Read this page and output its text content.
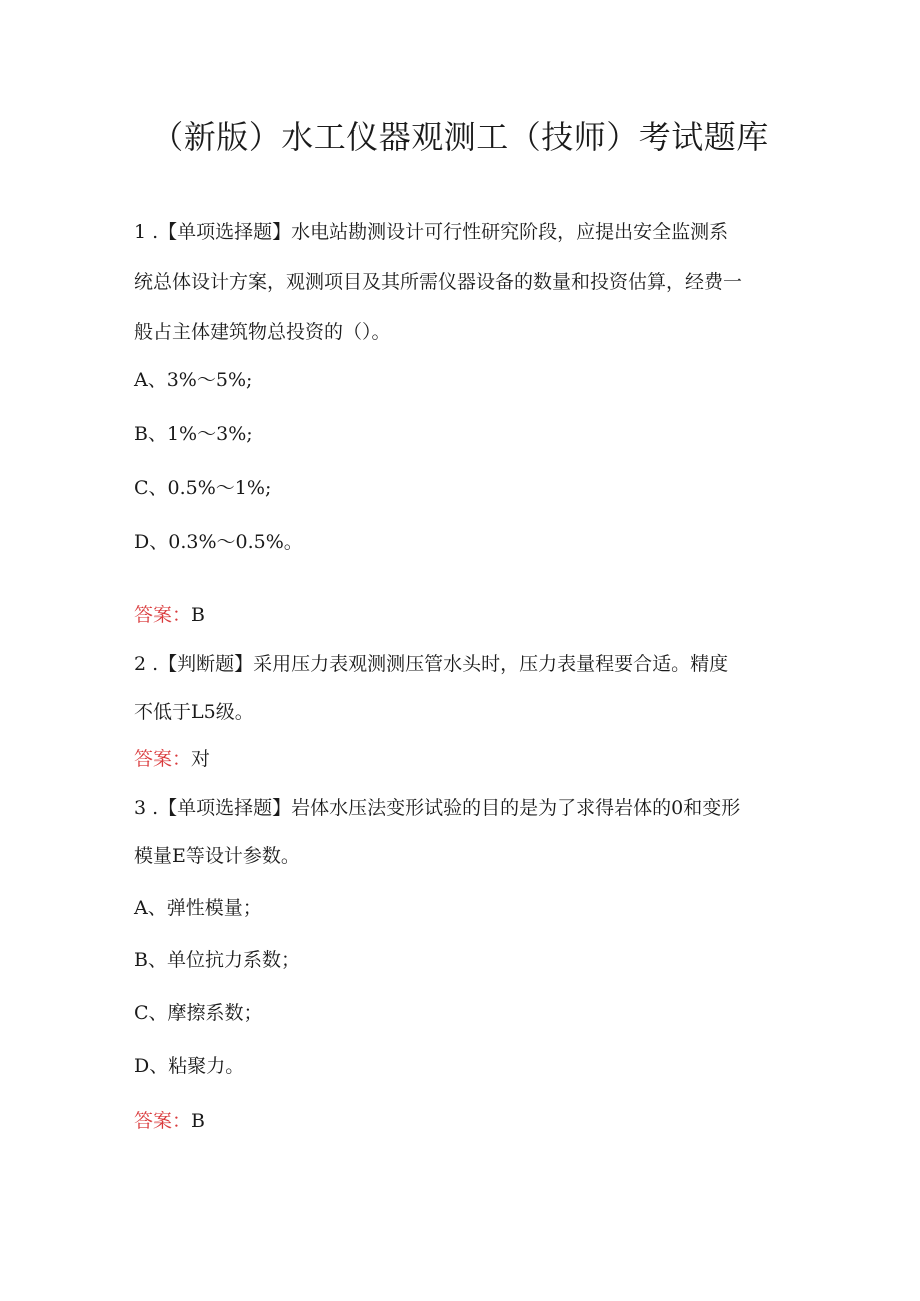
（新版）水工仪器观测工（技师）考试题库
1 .【单项选择题】水电站勘测设计可行性研究阶段，应提出安全监测系
统总体设计方案，观测项目及其所需仪器设备的数量和投资估算，经费一
般占主体建筑物总投资的（）。
A、3%〜5%;
B、1%〜3%;
C、0.5%〜1%;
D、0.3%〜0.5%。
答案：B
2 .【判断题】采用压力表观测测压管水头时，压力表量程要合适。精度
不低于L5级。
答案：对
3 .【单项选择题】岩体水压法变形试验的目的是为了求得岩体的0和变形
模量E等设计参数。
A、弹性模量；
B、单位抗力系数；
C、摩擦系数；
D、粘聚力。
答案：B
